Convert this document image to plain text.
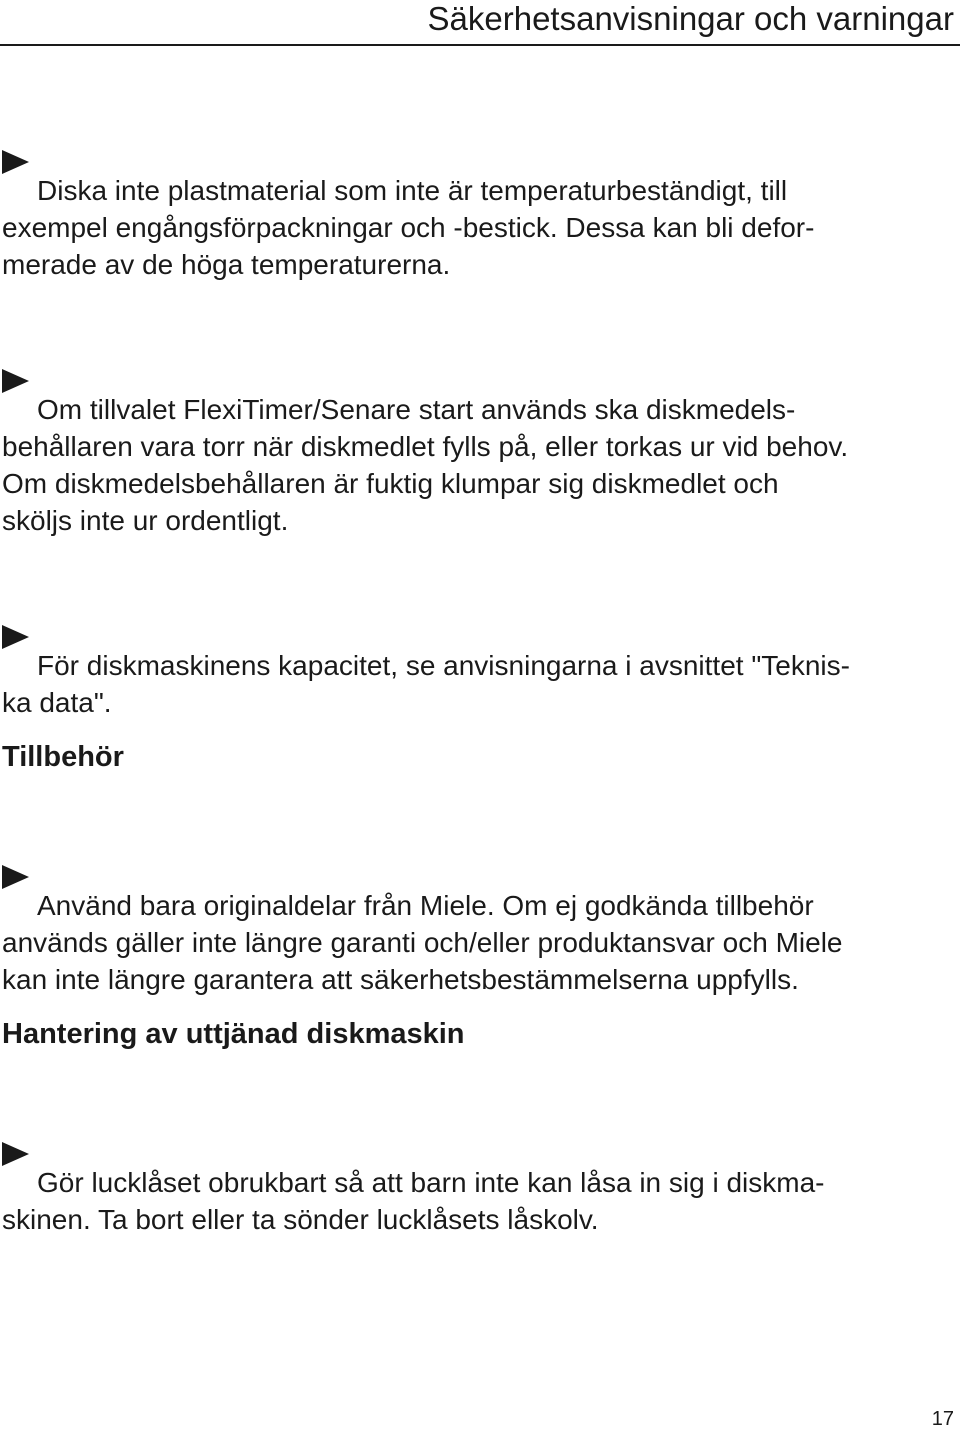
Säkerhetsanvisningar och varningar

Diska inte plastmaterial som inte är temperaturbeständigt, till
exempel engångsförpackningar och -bestick. Dessa kan bli defor-
merade av de höga temperaturerna.

Om tillvalet FlexiTimer/Senare start används ska diskmedels-
behållaren vara torr när diskmedlet fylls på, eller torkas ur vid behov.
Om diskmedelsbehållaren är fuktig klumpar sig diskmedlet och
sköljs inte ur ordentligt.

För diskmaskinens kapacitet, se anvisningarna i avsnittet "Teknis-
ka data".

Tillbehör

Använd bara originaldelar från Miele. Om ej godkända tillbehör
används gäller inte längre garanti och/eller produktansvar och Miele
kan inte längre garantera att säkerhetsbestämmelserna uppfylls.

Hantering av uttjänad diskmaskin

Gör lucklåset obrukbart så att barn inte kan låsa in sig i diskma-
skinen. Ta bort eller ta sönder lucklåsets låskolv.

17
